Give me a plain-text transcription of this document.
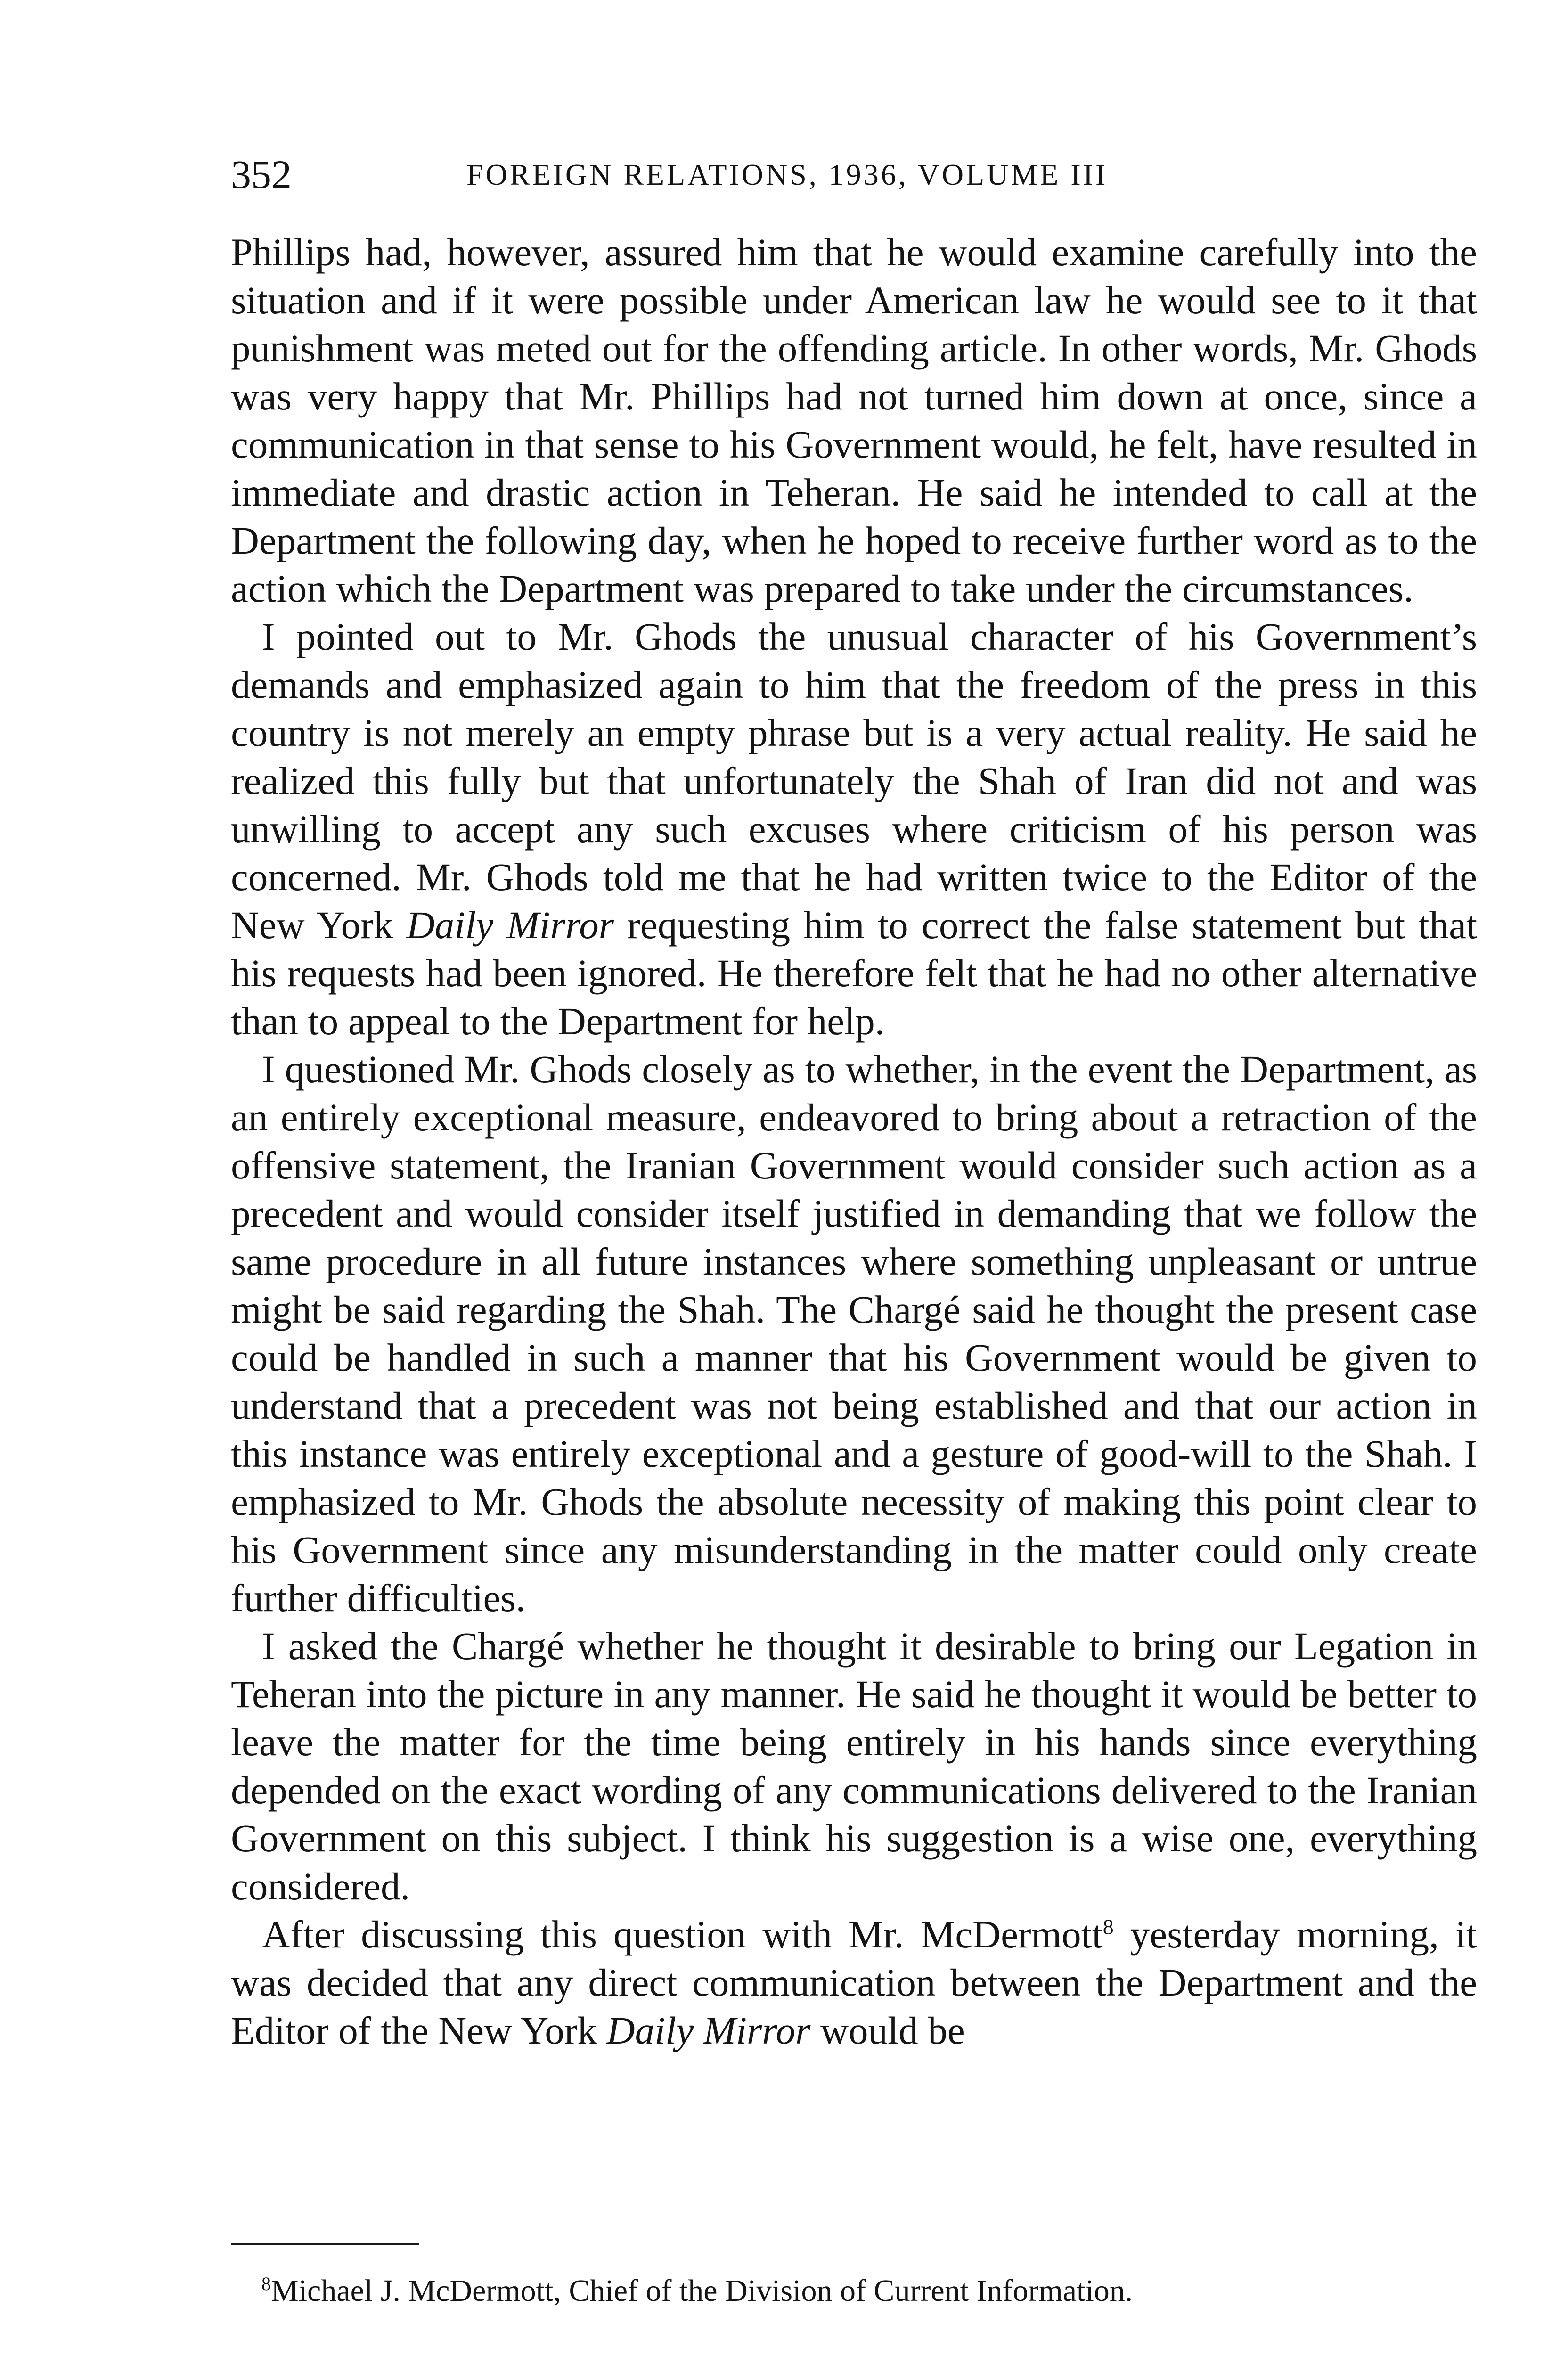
352	FOREIGN RELATIONS, 1936, VOLUME III

Phillips had, however, assured him that he would examine carefully into the situation and if it were possible under American law he would see to it that punishment was meted out for the offending article. In other words, Mr. Ghods was very happy that Mr. Phillips had not turned him down at once, since a communication in that sense to his Government would, he felt, have resulted in immediate and drastic action in Teheran. He said he intended to call at the Department the following day, when he hoped to receive further word as to the action which the Department was prepared to take under the circumstances.

I pointed out to Mr. Ghods the unusual character of his Government’s demands and emphasized again to him that the freedom of the press in this country is not merely an empty phrase but is a very actual reality. He said he realized this fully but that unfortunately the Shah of Iran did not and was unwilling to accept any such excuses where criticism of his person was concerned. Mr. Ghods told me that he had written twice to the Editor of the New York Daily Mirror requesting him to correct the false statement but that his requests had been ignored. He therefore felt that he had no other alternative than to appeal to the Department for help.

I questioned Mr. Ghods closely as to whether, in the event the Department, as an entirely exceptional measure, endeavored to bring about a retraction of the offensive statement, the Iranian Government would consider such action as a precedent and would consider itself justified in demanding that we follow the same procedure in all future instances where something unpleasant or untrue might be said regarding the Shah. The Chargé said he thought the present case could be handled in such a manner that his Government would be given to understand that a precedent was not being established and that our action in this instance was entirely exceptional and a gesture of good-will to the Shah. I emphasized to Mr. Ghods the absolute necessity of making this point clear to his Government since any misunderstanding in the matter could only create further difficulties.

I asked the Chargé whether he thought it desirable to bring our Legation in Teheran into the picture in any manner. He said he thought it would be better to leave the matter for the time being entirely in his hands since everything depended on the exact wording of any communications delivered to the Iranian Government on this subject. I think his suggestion is a wise one, everything considered.

After discussing this question with Mr. McDermott$^8$ yesterday morning, it was decided that any direct communication between the Department and the Editor of the New York Daily Mirror would be

$^8$Michael J. McDermott, Chief of the Division of Current Information.
